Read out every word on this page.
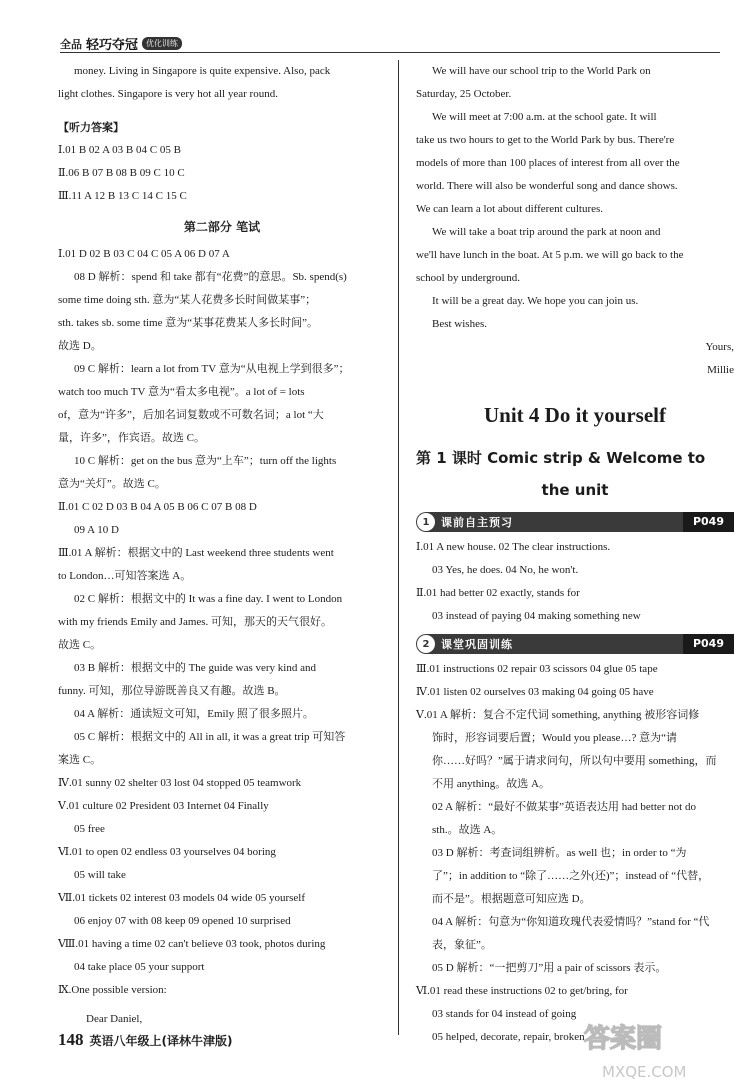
全品 轻巧夺冠	优化训练
money. Living in Singapore is quite expensive. Also, pack
light clothes. Singapore is very hot all year round.
【听力答案】
Ⅰ.01 B 02 A 03 B 04 C 05 B
Ⅱ.06 B 07 B 08 B 09 C 10 C
Ⅲ.11 A 12 B 13 C 14 C 15 C
第二部分 笔试
Ⅰ.01 D 02 B 03 C 04 C 05 A 06 D 07 A
08 D 解析：spend 和 take 都有“花费”的意思。Sb. spend(s)
some time doing sth. 意为“某人花费多长时间做某事”；
sth. takes sb. some time 意为“某事花费某人多长时间”。
故选 D。
09 C 解析：learn a lot from TV 意为“从电视上学到很多”；
watch too much TV 意为“看太多电视”。a lot of = lots
of，意为“许多”，后加名词复数或不可数名词；a lot “大
量，许多”，作宾语。故选 C。
10 C 解析：get on the bus 意为“上车”；turn off the lights
意为“关灯”。故选 C。
Ⅱ.01 C 02 D 03 B 04 A 05 B 06 C 07 B 08 D
09 A 10 D
Ⅲ.01 A 解析：根据文中的 Last weekend three students went
to London…可知答案选 A。
02 C 解析：根据文中的 It was a fine day. I went to London
with my friends Emily and James. 可知，那天的天气很好。
故选 C。
03 B 解析：根据文中的 The guide was very kind and
funny. 可知，那位导游既善良又有趣。故选 B。
04 A 解析：通读短文可知，Emily 照了很多照片。
05 C 解析：根据文中的 All in all, it was a great trip 可知答
案选 C。
Ⅳ.01 sunny 02 shelter 03 lost 04 stopped 05 teamwork
Ⅴ.01 culture 02 President 03 Internet 04 Finally
05 free
Ⅵ.01 to open 02 endless 03 yourselves 04 boring
05 will take
Ⅶ.01 tickets 02 interest 03 models 04 wide 05 yourself
06 enjoy 07 with 08 keep 09 opened 10 surprised
Ⅷ.01 having a time 02 can't believe 03 took, photos during
04 take place 05 your support
Ⅸ.One possible version:
Dear Daniel,
We will have our school trip to the World Park on
Saturday, 25 October.
We will meet at 7:00 a.m. at the school gate. It will
take us two hours to get to the World Park by bus. There're
models of more than 100 places of interest from all over the
world. There will also be wonderful song and dance shows.
We can learn a lot about different cultures.
We will take a boat trip around the park at noon and
we'll have lunch in the boat. At 5 p.m. we will go back to the
school by underground.
It will be a great day. We hope you can join us.
Best wishes.
Yours,
Millie
Unit 4 Do it yourself
第 1 课时 Comic strip & Welcome to
the unit
1	课前自主预习	P049
Ⅰ.01 A new house. 02 The clear instructions.
03 Yes, he does. 04 No, he won't.
Ⅱ.01 had better 02 exactly, stands for
03 instead of paying 04 making something new
2	课堂巩固训练	P049
Ⅲ.01 instructions 02 repair 03 scissors 04 glue 05 tape
Ⅳ.01 listen 02 ourselves 03 making 04 going 05 have
Ⅴ.01 A 解析：复合不定代词 something, anything 被形容词修
饰时，形容词要后置；Would you please…? 意为“请
你……好吗？”属于请求问句，所以句中要用 something，而
不用 anything。故选 A。
02 A 解析：“最好不做某事”英语表达用 had better not do
sth.。故选 A。
03 D 解析：考查词组辨析。as well 也；in order to “为
了”；in addition to “除了……之外(还)”；instead of “代替，
而不是”。根据题意可知应选 D。
04 A 解析：句意为“你知道玫瑰代表爱情吗？”stand for “代
表，象征”。
05 D 解析：“一把剪刀”用 a pair of scissors 表示。
Ⅵ.01 read these instructions 02 to get/bring, for
03 stands for 04 instead of going
05 helped, decorate, repair, broken
148 英语八年级上(译林牛津版)	答案圈
MXQE.COM
